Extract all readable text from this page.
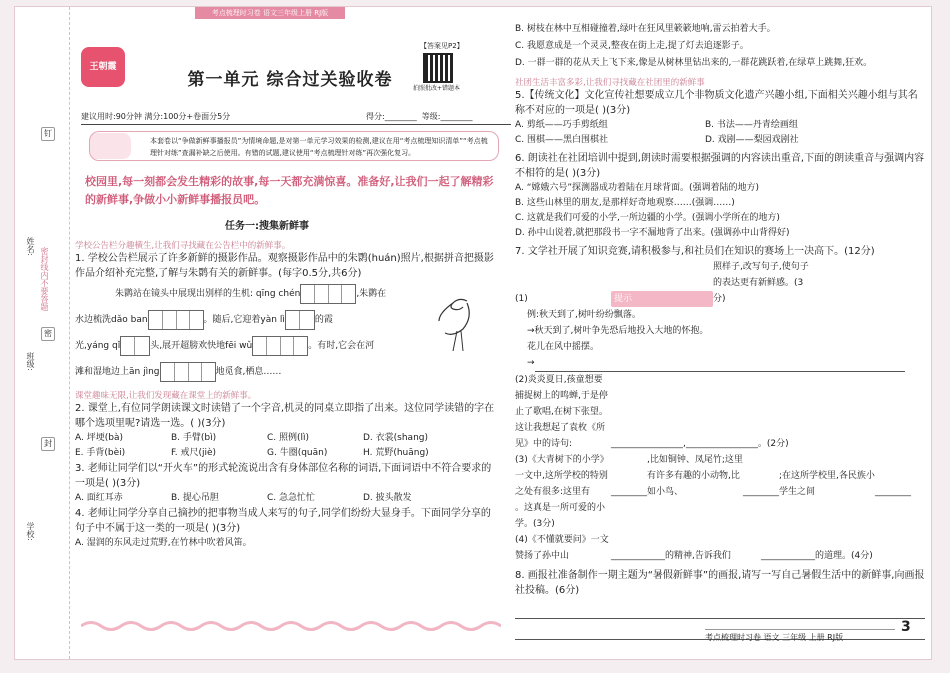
考点梳理时习卷 语文三年级上册 RJ版
姓名:
班级:
学校:
密封线内不要答题
钉
密
封
王朝霞
第一单元 综合过关验收卷
【答案见P2】
拍照批改+错题本
建议用时:90分钟 满分:100分+卷面分5分	得分:________  等级:________
本套卷以“争做新鲜事播报员”为情境命题,是对第一单元学习效果的检测,建议在用“考点梳理知识清单”“考点梳理针对练”查漏补缺之后使用。有错的试题,建议使用“考点梳理针对练”再次强化复习。
校园里,每一刻都会发生精彩的故事,每一天都充满惊喜。准备好,让我们一起了解精彩的新鲜事,争做小小新鲜事播报员吧。
任务一:搜集新鲜事
学校公告栏分趣横生,让我们寻找藏在公告栏中的新鲜事。
1. 学校公告栏展示了许多新鲜的摄影作品。观察摄影作品中的朱鹮(huán)照片,根据拼音把摄影作品介绍补充完整,了解与朱鹮有关的新鲜事。(每字0.5分,共6分)
朱鹮站在镜头中展现出别样的生机: qīng chén	,朱鹮在
水边梳洗dǎo ban	。随后,它迎着yàn lì	的霞
光,yáng qǐ	头,展开超膀欢快地fēi wǔ	。有时,它会在河
滩和湿地边上ān jìng	地觅食,栖息……
课堂趣味无限,让我们发现藏在课堂上的新鲜事。
2. 课堂上,有位同学朗读课文时读错了一个字音,机灵的同桌立即指了出来。这位同学读错的字在哪个选项里呢?请选一选。( )(3分)
A. 坪埂(bà)	B. 手臂(bì)	C. 照例(lì)	D. 衣裳(shang) E. 手背(bèi)	F. 戒尺(jiè)	G. 牛圈(quān)	H. 荒野(huāng)
3. 老师让同学们以“开火车”的形式轮流说出含有身体部位名称的词语,下面词语中不符合要求的一项是( )(3分)
A. 面红耳赤	B. 提心吊胆	C. 急急忙忙	D. 披头散发
4. 老师让同学分享自己摘抄的把事物当成人来写的句子,同学们纷纷大显身手。下面同学分享的句子中不属于这一类的一项是( )(3分)
A. 湿润的东风走过荒野,在竹林中吹着风笛。
B. 树枝在林中互相碰撞着,绿叶在狂风里簌簌地响,雷云拍着大手。
C. 我愿意成是一个灵灵,整夜在街上走,提了灯去追逐影子。
D. 一群一群的花从天上飞下来,像是从树林里钻出来的,一群花跳跃着,在绿草上跳舞,狂欢。
社团生活丰富多彩,让我们寻找藏在社团里的新鲜事
5.【传统文化】文化宣传社想要成立几个非物质文化遗产兴趣小组,下面相关兴趣小组与其名称不对应的一项是( )(3分)
A. 剪纸——巧手剪纸组	B. 书法——丹青绘画组C. 围棋——黑白围棋社	D. 戏剧——梨园戏剧社
6. 朗读社在社团培训中提到,朗读时需要根据强调的内容读出重音,下面的朗读重音与强调内容不相符的是( )(3分)
A. “嫦娥六号”探测器成功着陆在月球背面。(强调着陆的地方)
B. 这些山林里的朋友,是那样好奇地观察……(强调……)
C. 这就是我们可爱的小学,一所边疆的小学。(强调小学所在的地方)
D. 孙中山说着,就把那段书一字不漏地背了出来。(强调孙中山背得好)
7. 文学社开展了知识竞赛,请积极参与,和社员们在知识的赛场上一决高下。(12分)
(1)	提示照样子,改写句子,使句子的表达更有新鲜感。(3分)
例:秋天到了,树叶纷纷飘落。
→秋天到了,树叶争先恐后地投入大地的怀抱。
花儿在风中摇摆。
→
(2)炎炎夏日,孩童想要捕捉树上的鸣蝉,于是停止了歌唱,在树下张望。这让我想起了袁枚《所见》中的诗句:	________________,________________。(2分)
(3)《大青树下的小学》一文中,这所学校的特别之处有很多:这里有 ________,比如铜钟、凤尾竹;这里有许多有趣的小动物,比如小鸟、	________;在这所学校里,各民族小学生之间	________。这真是一所可爱的小学。(3分)
(4)《不懂就要问》一文赞扬了孙中山	____________的精神,告诉我们	____________的道理。(4分)
8. 画报社准备制作一期主题为“暑假新鲜事”的画报,请写一写自己暑假生活中的新鲜事,向画报社投稿。(6分)
考点梳理时习卷 语文 三年级 上册 RJ版
3
